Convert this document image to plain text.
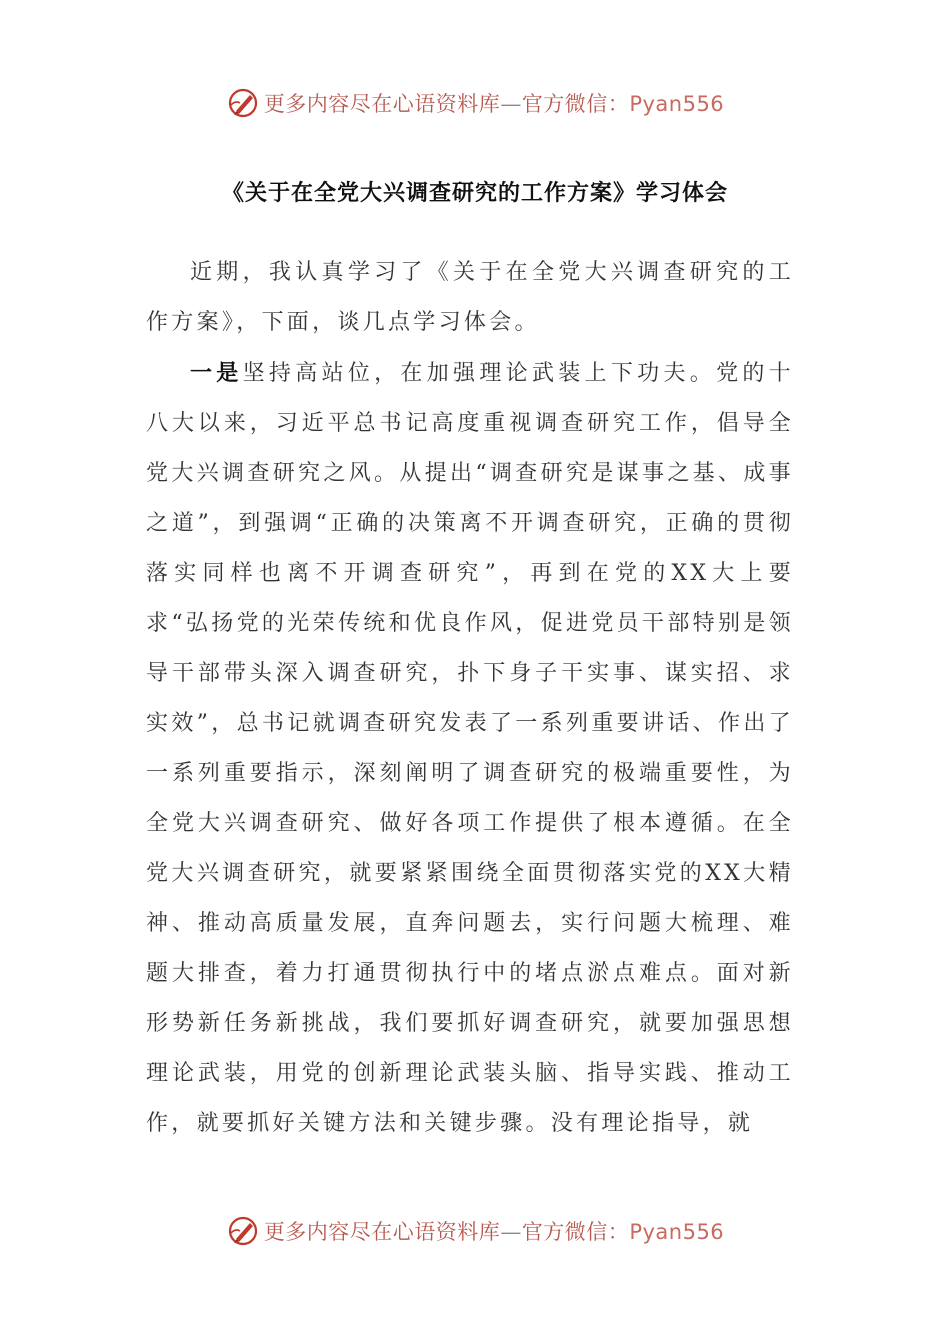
更多内容尽在心语资料库—官方微信：Pyan556
《关于在全党大兴调查研究的工作方案》学习体会

近期，我认真学习了《关于在全党大兴调查研究的工作方案》，下面，谈几点学习体会。

一是坚持高站位，在加强理论武装上下功夫。党的十八大以来，习近平总书记高度重视调查研究工作，倡导全党大兴调查研究之风。从提出“调查研究是谋事之基、成事之道”，到强调“正确的决策离不开调查研究，正确的贯彻落实同样也离不开调查研究”，再到在党的XX大上要求“弘扬党的光荣传统和优良作风，促进党员干部特别是领导干部带头深入调查研究，扑下身子干实事、谋实招、求实效”，总书记就调查研究发表了一系列重要讲话、作出了一系列重要指示，深刻阐明了调查研究的极端重要性，为全党大兴调查研究、做好各项工作提供了根本遵循。在全党大兴调查研究，就要紧紧围绕全面贯彻落实党的XX大精神、推动高质量发展，直奔问题去，实行问题大梳理、难题大排查，着力打通贯彻执行中的堵点淤点难点。面对新形势新任务新挑战，我们要抓好调查研究，就要加强思想理论武装，用党的创新理论武装头脑、指导实践、推动工作，就要抓好关键方法和关键步骤。没有理论指导，就

更多内容尽在心语资料库—官方微信：Pyan556
